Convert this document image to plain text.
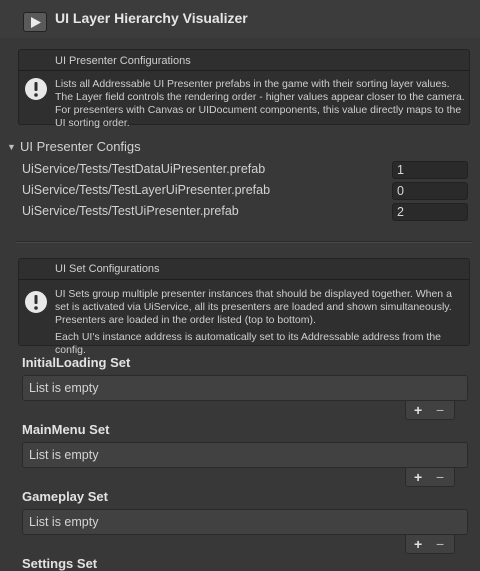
UI Layer Hierarchy Visualizer
UI Presenter Configurations
Lists all Addressable UI Presenter prefabs in the game with their sorting layer values. The Layer field controls the rendering order - higher values appear closer to the camera. For presenters with Canvas or UIDocument components, this value directly maps to the UI sorting order.
▼ UI Presenter Configs
UiService/Tests/TestDataUiPresenter.prefab	1
UiService/Tests/TestLayerUiPresenter.prefab	0
UiService/Tests/TestUiPresenter.prefab	2
UI Set Configurations
UI Sets group multiple presenter instances that should be displayed together. When a set is activated via UiService, all its presenters are loaded and shown simultaneously. Presenters are loaded in the order listed (top to bottom).
Each UI's instance address is automatically set to its Addressable address from the config.
InitialLoading Set
List is empty
+ −
MainMenu Set
List is empty
+ −
Gameplay Set
List is empty
+ −
Settings Set
